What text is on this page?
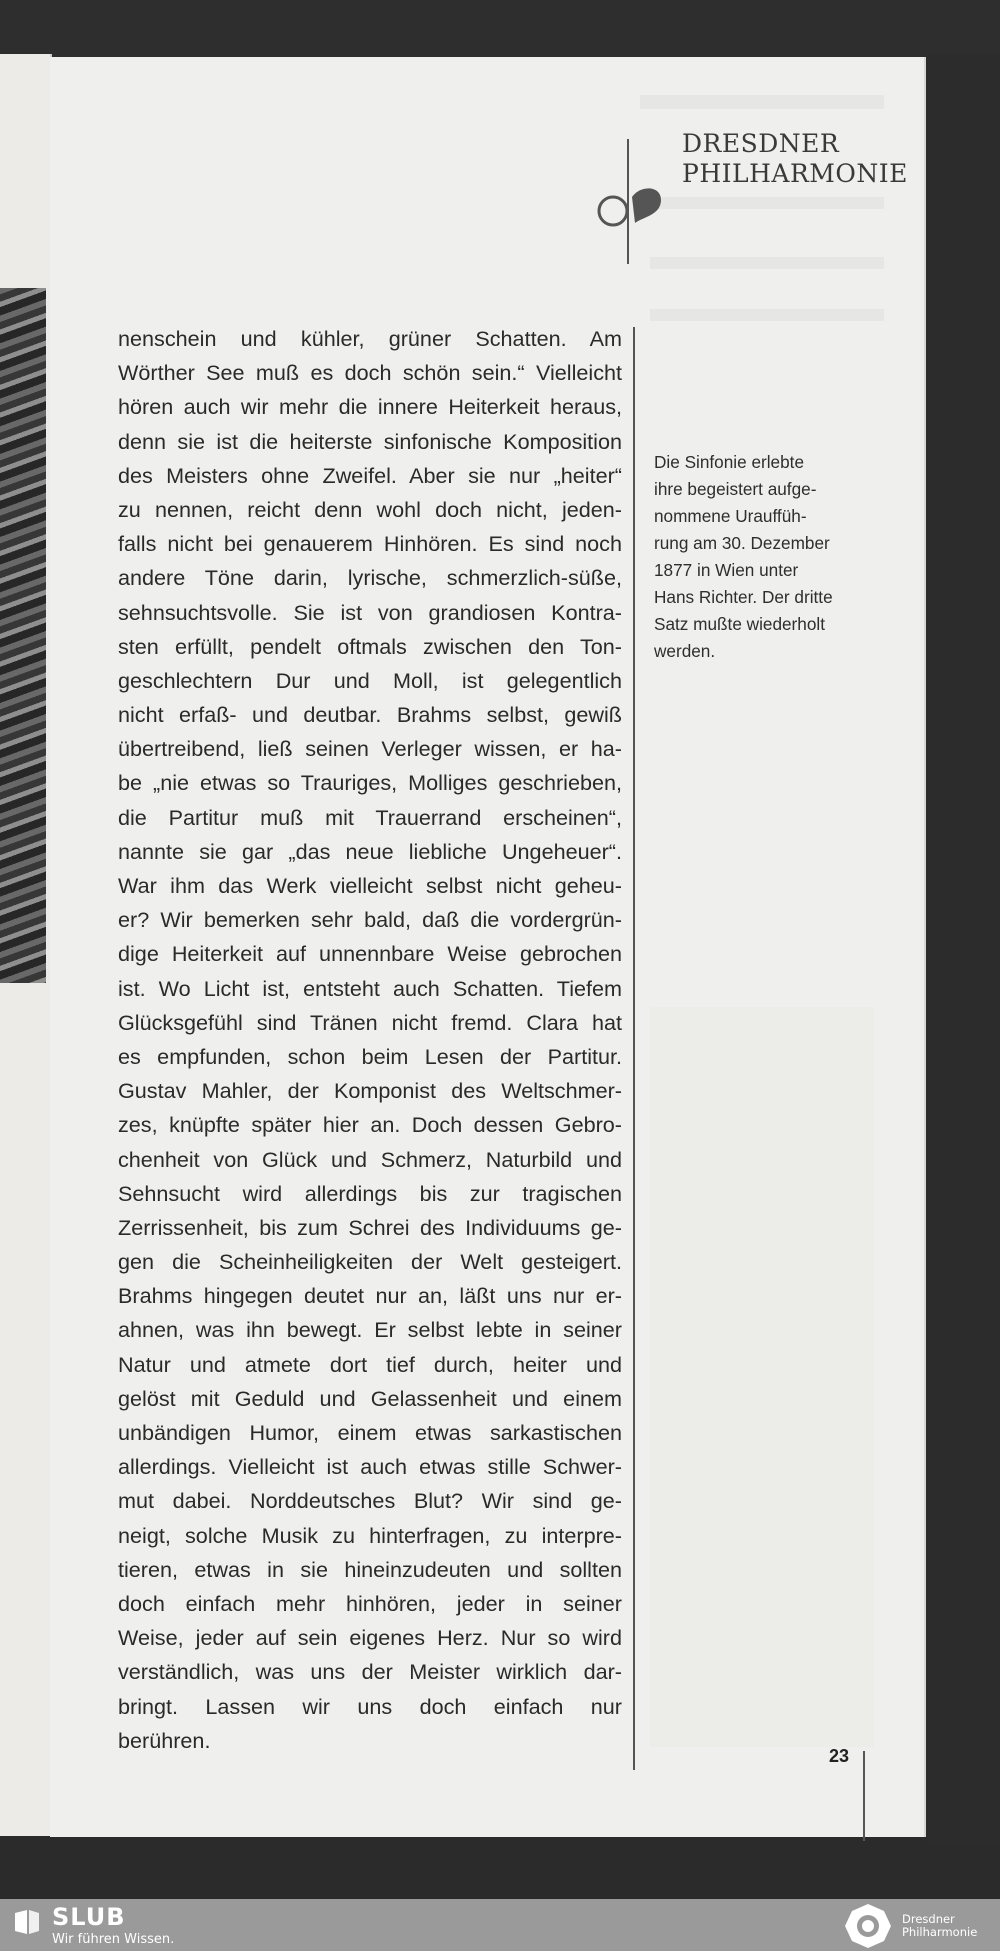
DRESDNER
PHILHARMONIE
nenschein und kühler, grüner Schatten. Am
Wörther See muß es doch schön sein.“ Vielleicht
hören auch wir mehr die innere Heiterkeit heraus,
denn sie ist die heiterste sinfonische Komposition
des Meisters ohne Zweifel. Aber sie nur „heiter“
zu nennen, reicht denn wohl doch nicht, jeden-
falls nicht bei genauerem Hinhören. Es sind noch
andere Töne darin, lyrische, schmerzlich-süße,
sehnsuchtsvolle. Sie ist von grandiosen Kontra-
sten erfüllt, pendelt oftmals zwischen den Ton-
geschlechtern Dur und Moll, ist gelegentlich
nicht erfaß- und deutbar. Brahms selbst, gewiß
übertreibend, ließ seinen Verleger wissen, er ha-
be „nie etwas so Trauriges, Molliges geschrieben,
die Partitur muß mit Trauerrand erscheinen“,
nannte sie gar „das neue liebliche Ungeheuer“.
War ihm das Werk vielleicht selbst nicht geheu-
er? Wir bemerken sehr bald, daß die vordergrün-
dige Heiterkeit auf unnennbare Weise gebrochen
ist. Wo Licht ist, entsteht auch Schatten. Tiefem
Glücksgefühl sind Tränen nicht fremd. Clara hat
es empfunden, schon beim Lesen der Partitur.
Gustav Mahler, der Komponist des Weltschmer-
zes, knüpfte später hier an. Doch dessen Gebro-
chenheit von Glück und Schmerz, Naturbild und
Sehnsucht wird allerdings bis zur tragischen
Zerrissenheit, bis zum Schrei des Individuums ge-
gen die Scheinheiligkeiten der Welt gesteigert.
Brahms hingegen deutet nur an, läßt uns nur er-
ahnen, was ihn bewegt. Er selbst lebte in seiner
Natur und atmete dort tief durch, heiter und
gelöst mit Geduld und Gelassenheit und einem
unbändigen Humor, einem etwas sarkastischen
allerdings. Vielleicht ist auch etwas stille Schwer-
mut dabei. Norddeutsches Blut? Wir sind ge-
neigt, solche Musik zu hinterfragen, zu interpre-
tieren, etwas in sie hineinzudeuten und sollten
doch einfach mehr hinhören, jeder in seiner
Weise, jeder auf sein eigenes Herz. Nur so wird
verständlich, was uns der Meister wirklich dar-
bringt. Lassen wir uns doch einfach nur
berühren.
Die Sinfonie erlebte
ihre begeistert aufge-
nommene Urauffüh-
rung am 30. Dezember
1877 in Wien unter
Hans Richter. Der dritte
Satz mußte wiederholt
werden.
23
SLUB
Wir führen Wissen.
Dresdner
Philharmonie
